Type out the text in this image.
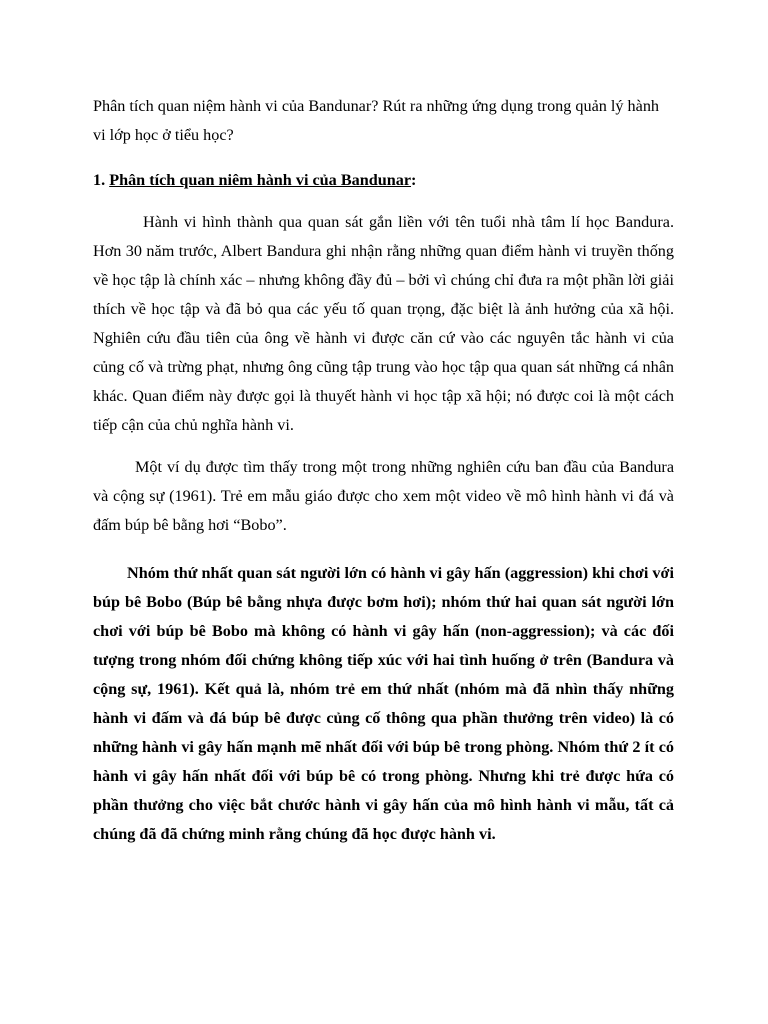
Phân tích quan niệm hành vi của Bandunar? Rút ra những ứng dụng trong quản lý hành vi lớp học ở tiểu học?

1. Phân tích quan niêm hành vi của Bandunar:

Hành vi hình thành qua quan sát gắn liền với tên tuổi nhà tâm lí học Bandura. Hơn 30 năm trước, Albert Bandura ghi nhận rằng những quan điểm hành vi truyền thống về học tập là chính xác – nhưng không đầy đủ – bởi vì chúng chỉ đưa ra một phần lời giải thích về học tập và đã bỏ qua các yếu tố quan trọng, đặc biệt là ảnh hưởng của xã hội. Nghiên cứu đầu tiên của ông về hành vi được căn cứ vào các nguyên tắc hành vi của củng cố và trừng phạt, nhưng ông cũng tập trung vào học tập qua quan sát những cá nhân khác. Quan điểm này được gọi là thuyết hành vi học tập xã hội; nó được coi là một cách tiếp cận của chủ nghĩa hành vi.

Một ví dụ được tìm thấy trong một trong những nghiên cứu ban đầu của Bandura và cộng sự (1961). Trẻ em mẫu giáo được cho xem một video về mô hình hành vi đá và đấm búp bê bằng hơi “Bobo”.

Nhóm thứ nhất quan sát người lớn có hành vi gây hấn (aggression) khi chơi với búp bê Bobo (Búp bê bằng nhựa được bơm hơi); nhóm thứ hai quan sát người lớn chơi với búp bê Bobo mà không có hành vi gây hấn (non-aggression); và các đối tượng trong nhóm đối chứng không tiếp xúc với hai tình huống ở trên (Bandura và cộng sự, 1961). Kết quả là, nhóm trẻ em thứ nhất (nhóm mà đã nhìn thấy những hành vi đấm và đá búp bê được củng cố thông qua phần thưởng trên video) là có những hành vi gây hấn mạnh mẽ nhất đối với búp bê trong phòng. Nhóm thứ 2 ít có hành vi gây hấn nhất đối với búp bê có trong phòng. Nhưng khi trẻ được hứa có phần thưởng cho việc bắt chước hành vi gây hấn của mô hình hành vi mẫu, tất cả chúng đã đã chứng minh rằng chúng đã học được hành vi.
